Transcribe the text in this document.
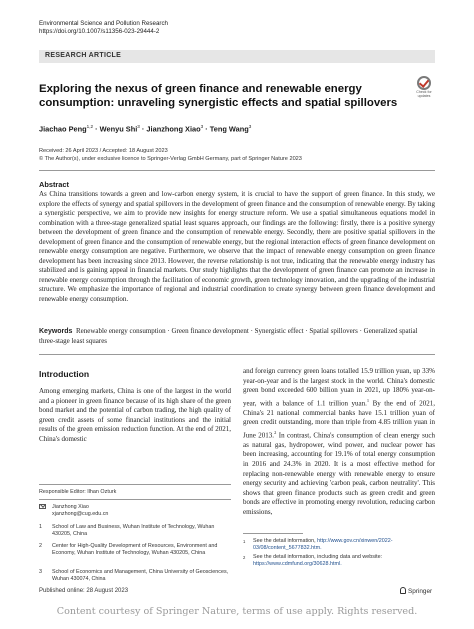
Environmental Science and Pollution Research
https://doi.org/10.1007/s11356-023-29444-2
RESEARCH ARTICLE
Check for updates
Exploring the nexus of green finance and renewable energy consumption: unraveling synergistic effects and spatial spillovers
Jiachao Peng$^{1,2}$ · Wenyu Shi$^3$ · Jianzhong Xiao$^3$ · Teng Wang$^3$
Received: 26 April 2023 / Accepted: 18 August 2023
© The Author(s), under exclusive licence to Springer-Verlag GmbH Germany, part of Springer Nature 2023
Abstract
As China transitions towards a green and low-carbon energy system, it is crucial to have the support of green finance. In this study, we explore the effects of synergy and spatial spillovers in the development of green finance and the consumption of renewable energy. By taking a synergistic perspective, we aim to provide new insights for energy structure reform. We use a spatial simultaneous equations model in combination with a three-stage generalized spatial least squares approach, our findings are the following: firstly, there is a positive synergy between the development of green finance and the consumption of renewable energy. Secondly, there are positive spatial spillovers in the development of green finance and the consumption of renewable energy, but the regional interaction effects of green finance development on renewable energy consumption are negative. Furthermore, we observe that the impact of renewable energy consumption on green finance development has been increasing since 2013. However, the reverse relationship is not true, indicating that the renewable energy industry has stabilized and is gaining appeal in financial markets. Our study highlights that the development of green finance can promote an increase in renewable energy consumption through the facilitation of economic growth, green technology innovation, and the upgrading of the industrial structure. We emphasize the importance of regional and industrial coordination to create synergy between green finance development and renewable energy consumption.
Keywords Renewable energy consumption · Green finance development · Synergistic effect · Spatial spillovers · Generalized spatial three-stage least squares
Introduction
Among emerging markets, China is one of the largest in the world and a pioneer in green finance because of its high share of the green bond market and the potential of carbon trading, the high quality of green credit assets of some financial institutions and the initial results of the green emission reduction function. At the end of 2021, China's domestic
and foreign currency green loans totalled 15.9 trillion yuan, up 33% year-on-year and is the largest stock in the world. China's domestic green bond exceeded 600 billion yuan in 2021, up 180% year-on-year, with a balance of 1.1 trillion yuan.$^1$ By the end of 2021, China's 21 national commercial banks have 15.1 trillion yuan of green credit outstanding, more than triple from 4.85 trillion yuan in June 2013.$^2$ In contrast, China's consumption of clean energy such as natural gas, hydropower, wind power, and nuclear power has been increasing, accounting for 19.1% of total energy consumption in 2016 and 24.3% in 2020. It is a most effective method for replacing non-renewable energy with renewable energy to ensure energy security and achieving 'carbon peak, carbon neutrality'. This shows that green finance products such as green credit and green bonds are effective in promoting energy revolution, reducing carbon emissions,
Responsible Editor: Ilhan Ozturk
Jianzhong Xiao
xjanzhong@cug.edu.cn
1	School of Law and Business, Wuhan Institute of Technology, Wuhan 430205, China
2	Center for High-Quality Development of Resources, Environment and Economy, Wuhan Institute of Technology, Wuhan 430205, China
3	School of Economics and Management, China University of Geosciences, Wuhan 430074, China
1 See the detail information, http://www.gov.cn/xinwen/2022-03/08/content_5677832.htm.
2 See the detail information, including data and website: https://www.cdmfund.org/30628.html.
Published online: 28 August 2023	Springer
Content courtesy of Springer Nature, terms of use apply. Rights reserved.
